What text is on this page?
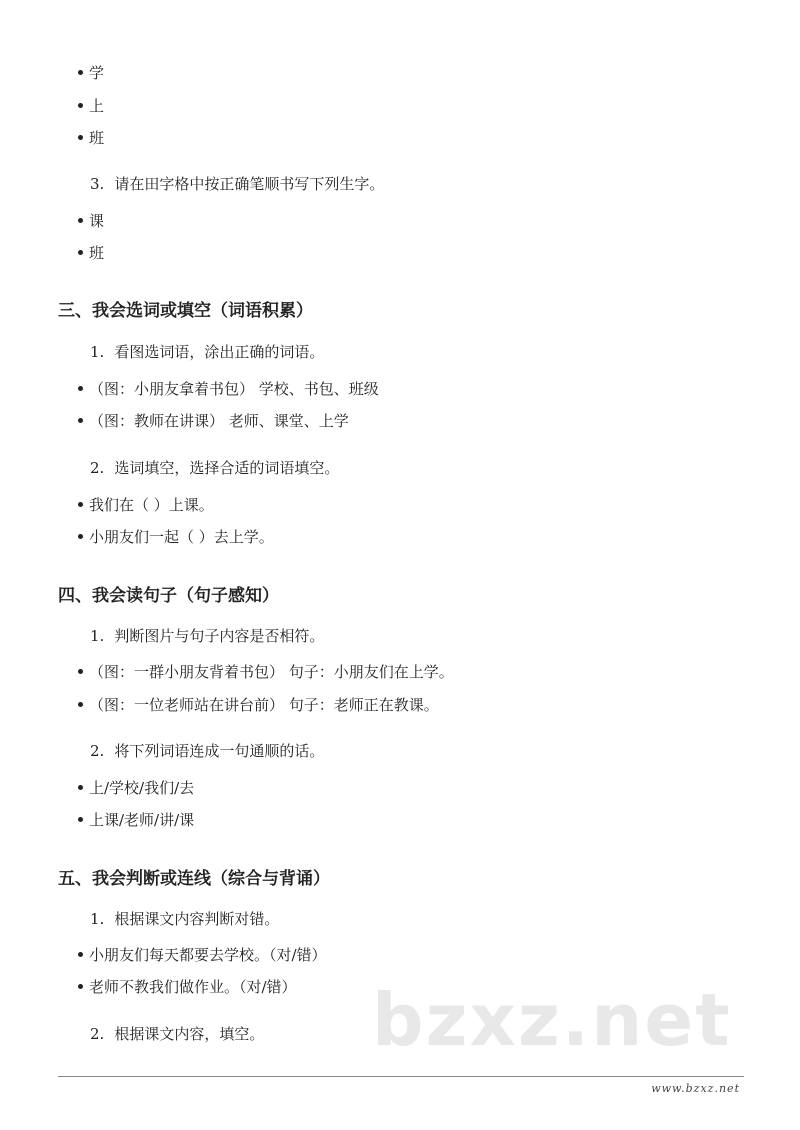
学
上
班
3. 请在田字格中按正确笔顺书写下列生字。
课
班
三、我会选词或填空（词语积累）
1. 看图选词语，涂出正确的词语。
（图：小朋友拿着书包） 学校、书包、班级
（图：教师在讲课） 老师、课堂、上学
2. 选词填空，选择合适的词语填空。
我们在（ ）上课。
小朋友们一起（ ）去上学。
四、我会读句子（句子感知）
1. 判断图片与句子内容是否相符。
（图：一群小朋友背着书包） 句子：小朋友们在上学。
（图：一位老师站在讲台前） 句子：老师正在教课。
2. 将下列词语连成一句通顺的话。
上/学校/我们/去
上课/老师/讲/课
五、我会判断或连线（综合与背诵）
1. 根据课文内容判断对错。
小朋友们每天都要去学校。（对/错）
老师不教我们做作业。（对/错）
2. 根据课文内容，填空。 bzxz.net
www.bzxz.net
